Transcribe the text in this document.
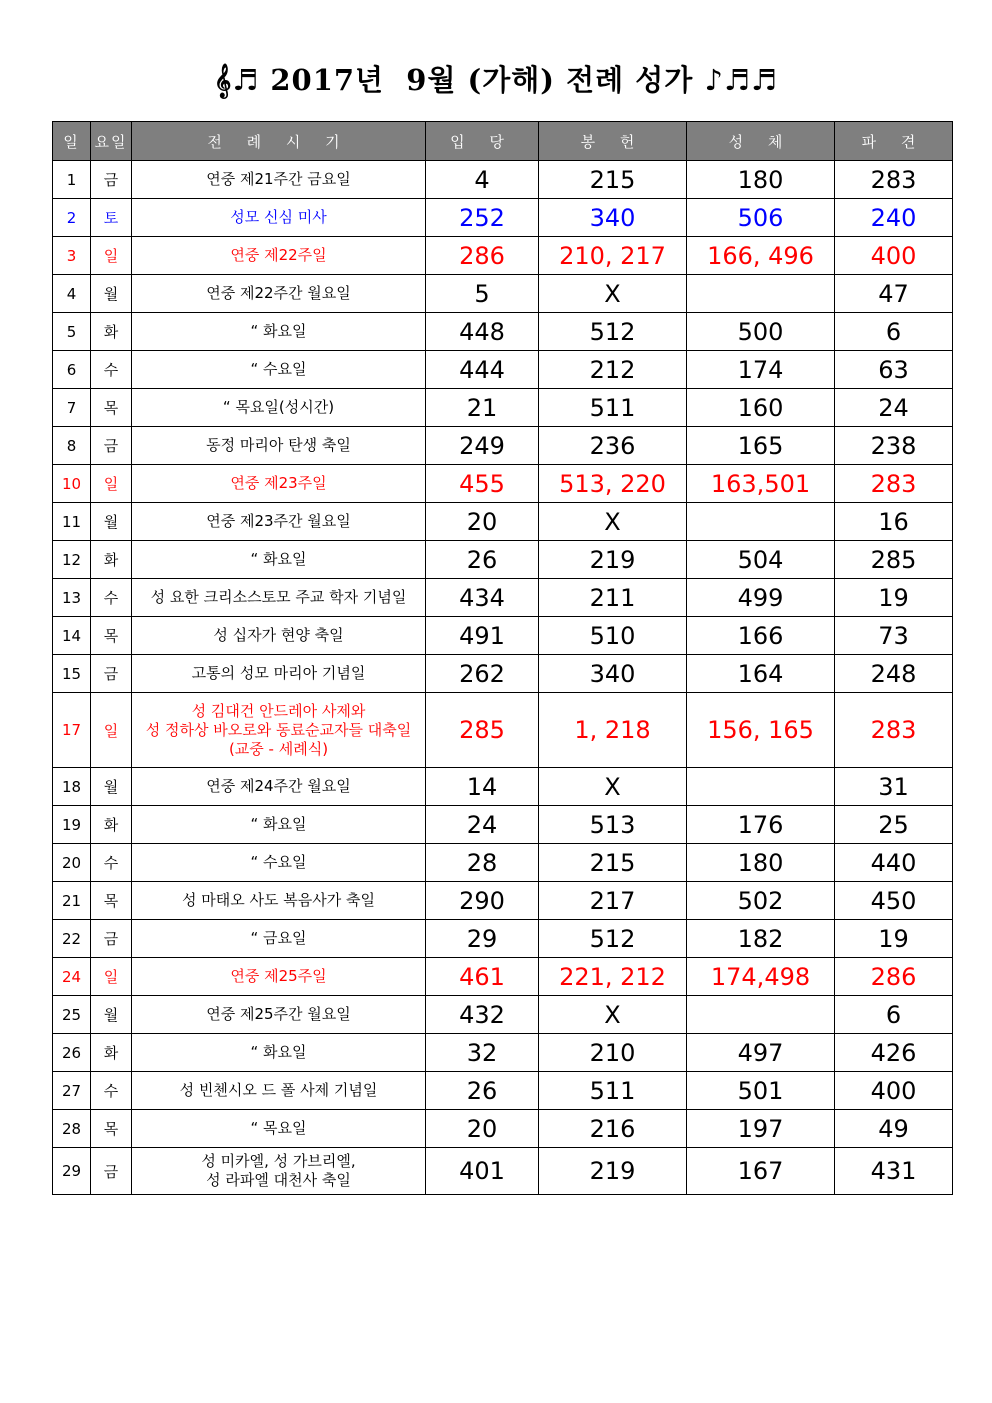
𝄞♬ 2017년  9월 (가해) 전례 성가 ♪♬♬
일	요일	전 례 시 기	입 당	봉 헌	성 체	파 견
1	금	연중 제21주간 금요일	4	215	180	283
2	토	성모 신심 미사	252	340	506	240
3	일	연중 제22주일	286	210, 217	166, 496	400
4	월	연중 제22주간 월요일	5	X		47
5	화	“ 화요일	448	512	500	6
6	수	“ 수요일	444	212	174	63
7	목	“ 목요일(성시간)	21	511	160	24
8	금	동정 마리아 탄생 축일	249	236	165	238
10	일	연중 제23주일	455	513, 220	163,501	283
11	월	연중 제23주간 월요일	20	X		16
12	화	“ 화요일	26	219	504	285
13	수	성 요한 크리소스토모 주교 학자 기념일	434	211	499	19
14	목	성 십자가 현양 축일	491	510	166	73
15	금	고통의 성모 마리아 기념일	262	340	164	248
17	일	성 김대건 안드레아 사제와
성 정하상 바오로와 동료순교자들 대축일
(교중 - 세례식)	285	1, 218	156, 165	283
18	월	연중 제24주간 월요일	14	X		31
19	화	“ 화요일	24	513	176	25
20	수	“ 수요일	28	215	180	440
21	목	성 마태오 사도 복음사가 축일	290	217	502	450
22	금	“ 금요일	29	512	182	19
24	일	연중 제25주일	461	221, 212	174,498	286
25	월	연중 제25주간 월요일	432	X		6
26	화	“ 화요일	32	210	497	426
27	수	성 빈첸시오 드 폴 사제 기념일	26	511	501	400
28	목	“ 목요일	20	216	197	49
29	금	성 미카엘, 성 가브리엘,
성 라파엘 대천사 축일	401	219	167	431
